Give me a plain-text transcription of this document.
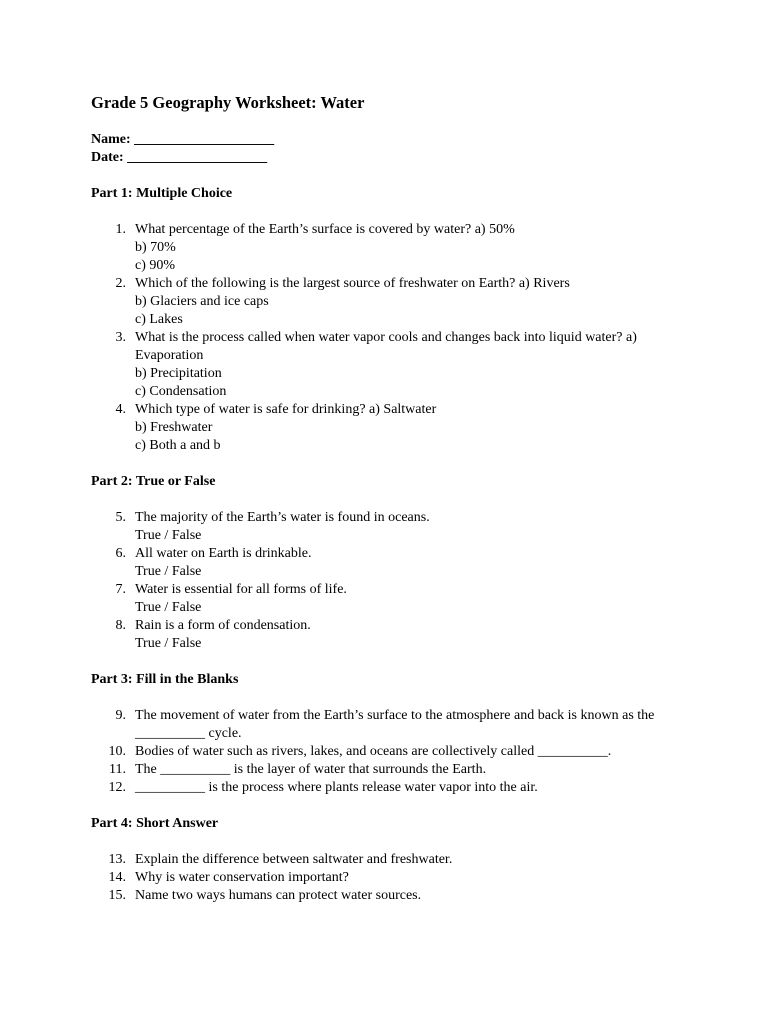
Grade 5 Geography Worksheet: Water
Name: ____________________
Date: ____________________
Part 1: Multiple Choice
1. What percentage of the Earth’s surface is covered by water? a) 50%
b) 70%
c) 90%
2. Which of the following is the largest source of freshwater on Earth? a) Rivers
b) Glaciers and ice caps
c) Lakes
3. What is the process called when water vapor cools and changes back into liquid water? a) Evaporation
b) Precipitation
c) Condensation
4. Which type of water is safe for drinking? a) Saltwater
b) Freshwater
c) Both a and b
Part 2: True or False
5. The majority of the Earth’s water is found in oceans.
True / False
6. All water on Earth is drinkable.
True / False
7. Water is essential for all forms of life.
True / False
8. Rain is a form of condensation.
True / False
Part 3: Fill in the Blanks
9. The movement of water from the Earth’s surface to the atmosphere and back is known as the __________ cycle.
10. Bodies of water such as rivers, lakes, and oceans are collectively called __________.
11. The __________ is the layer of water that surrounds the Earth.
12. __________ is the process where plants release water vapor into the air.
Part 4: Short Answer
13. Explain the difference between saltwater and freshwater.
14. Why is water conservation important?
15. Name two ways humans can protect water sources.
